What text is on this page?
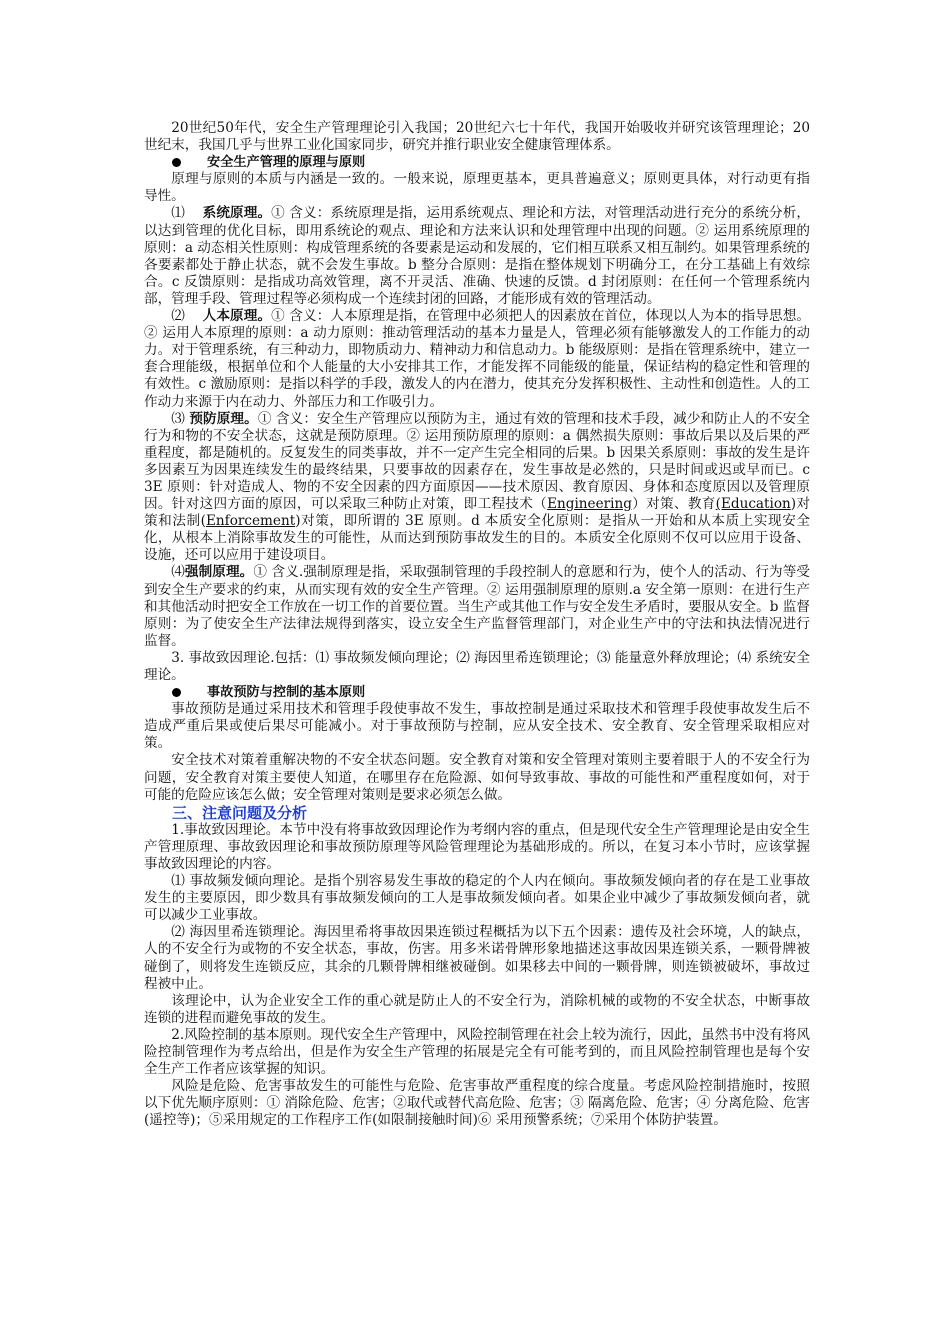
20世纪50年代，安全生产管理理论引入我国；20世纪六七十年代，我国开始吸收并研究该管理理论；20世纪末，我国几乎与世界工业化国家同步，研究并推行职业安全健康管理体系。

安全生产管理的原理与原则

原理与原则的本质与内涵是一致的。一般来说，原理更基本，更具普遍意义；原则更具体，对行动更有指导性。

⑴ 系统原理。① 含义：系统原理是指，运用系统观点、理论和方法，对管理活动进行充分的系统分析，以达到管理的优化目标，即用系统论的观点、理论和方法来认识和处理管理中出现的问题。② 运用系统原理的原则：a 动态相关性原则：构成管理系统的各要素是运动和发展的，它们相互联系又相互制约。如果管理系统的各要素都处于静止状态，就不会发生事故。b 整分合原则：是指在整体规划下明确分工，在分工基础上有效综合。c 反馈原则：是指成功高效管理，离不开灵活、准确、快速的反馈。d 封闭原则：在任何一个管理系统内部，管理手段、管理过程等必须构成一个连续封闭的回路，才能形成有效的管理活动。

⑵ 人本原理。① 含义：人本原理是指，在管理中必须把人的因素放在首位，体现以人为本的指导思想。② 运用人本原理的原则：a 动力原则：推动管理活动的基本力量是人，管理必须有能够激发人的工作能力的动力。对于管理系统，有三种动力，即物质动力、精神动力和信息动力。b 能级原则：是指在管理系统中，建立一套合理能级，根据单位和个人能量的大小安排其工作，才能发挥不同能级的能量，保证结构的稳定性和管理的有效性。c 激励原则：是指以科学的手段，激发人的内在潜力，使其充分发挥积极性、主动性和创造性。人的工作动力来源于内在动力、外部压力和工作吸引力。

⑶ 预防原理。① 含义：安全生产管理应以预防为主，通过有效的管理和技术手段，减少和防止人的不安全行为和物的不安全状态，这就是预防原理。② 运用预防原理的原则：a 偶然损失原则：事故后果以及后果的严重程度，都是随机的。反复发生的同类事故，并不一定产生完全相同的后果。b 因果关系原则：事故的发生是许多因素互为因果连续发生的最终结果，只要事故的因素存在，发生事故是必然的，只是时间或迟或早而已。c 3E 原则：针对造成人、物的不安全因素的四方面原因——技术原因、教育原因、身体和态度原因以及管理原因。针对这四方面的原因，可以采取三种防止对策，即工程技术（Engineering）对策、教育(Education)对策和法制(Enforcement)对策，即所谓的 3E 原则。d 本质安全化原则：是指从一开始和从本质上实现安全化，从根本上消除事故发生的可能性，从而达到预防事故发生的目的。本质安全化原则不仅可以应用于设备、设施，还可以应用于建设项目。

⑷强制原理。① 含义.强制原理是指，采取强制管理的手段控制人的意愿和行为，使个人的活动、行为等受到安全生产要求的约束，从而实现有效的安全生产管理。② 运用强制原理的原则.a 安全第一原则：在进行生产和其他活动时把安全工作放在一切工作的首要位置。当生产或其他工作与安全发生矛盾时，要服从安全。b 监督原则：为了使安全生产法律法规得到落实，设立安全生产监督管理部门，对企业生产中的守法和执法情况进行监督。

3. 事故致因理论.包括：⑴ 事故频发倾向理论；⑵ 海因里希连锁理论；⑶ 能量意外释放理论；⑷ 系统安全理论。

事故预防与控制的基本原则

事故预防是通过采用技术和管理手段使事故不发生，事故控制是通过采取技术和管理手段使事故发生后不造成严重后果或使后果尽可能减小。对于事故预防与控制，应从安全技术、安全教育、安全管理采取相应对策。

安全技术对策着重解决物的不安全状态问题。安全教育对策和安全管理对策则主要着眼于人的不安全行为问题，安全教育对策主要使人知道，在哪里存在危险源、如何导致事故、事故的可能性和严重程度如何，对于可能的危险应该怎么做；安全管理对策则是要求必须怎么做。

三、注意问题及分析

1.事故致因理论。本节中没有将事故致因理论作为考纲内容的重点，但是现代安全生产管理理论是由安全生产管理原理、事故致因理论和事故预防原理等风险管理理论为基础形成的。所以，在复习本小节时，应该掌握事故致因理论的内容。

⑴ 事故频发倾向理论。是指个别容易发生事故的稳定的个人内在倾向。事故频发倾向者的存在是工业事故发生的主要原因，即少数具有事故频发倾向的工人是事故频发倾向者。如果企业中减少了事故频发倾向者，就可以减少工业事故。

⑵ 海因里希连锁理论。海因里希将事故因果连锁过程概括为以下五个因素：遗传及社会环境，人的缺点，人的不安全行为或物的不安全状态，事故，伤害。用多米诺骨牌形象地描述这事故因果连锁关系，一颗骨牌被碰倒了，则将发生连锁反应，其余的几颗骨牌相继被碰倒。如果移去中间的一颗骨牌，则连锁被破坏，事故过程被中止。

该理论中，认为企业安全工作的重心就是防止人的不安全行为，消除机械的或物的不安全状态，中断事故连锁的进程而避免事故的发生。

2.风险控制的基本原则。现代安全生产管理中，风险控制管理在社会上较为流行，因此，虽然书中没有将风险控制管理作为考点给出，但是作为安全生产管理的拓展是完全有可能考到的，而且风险控制管理也是每个安全生产工作者应该掌握的知识。

风险是危险、危害事故发生的可能性与危险、危害事故严重程度的综合度量。考虑风险控制措施时，按照以下优先顺序原则：① 消除危险、危害；②取代或替代高危险、危害；③ 隔离危险、危害；④ 分离危险、危害(遥控等)；⑤采用规定的工作程序工作(如限制接触时间)⑥ 采用预警系统；⑦采用个体防护装置。
